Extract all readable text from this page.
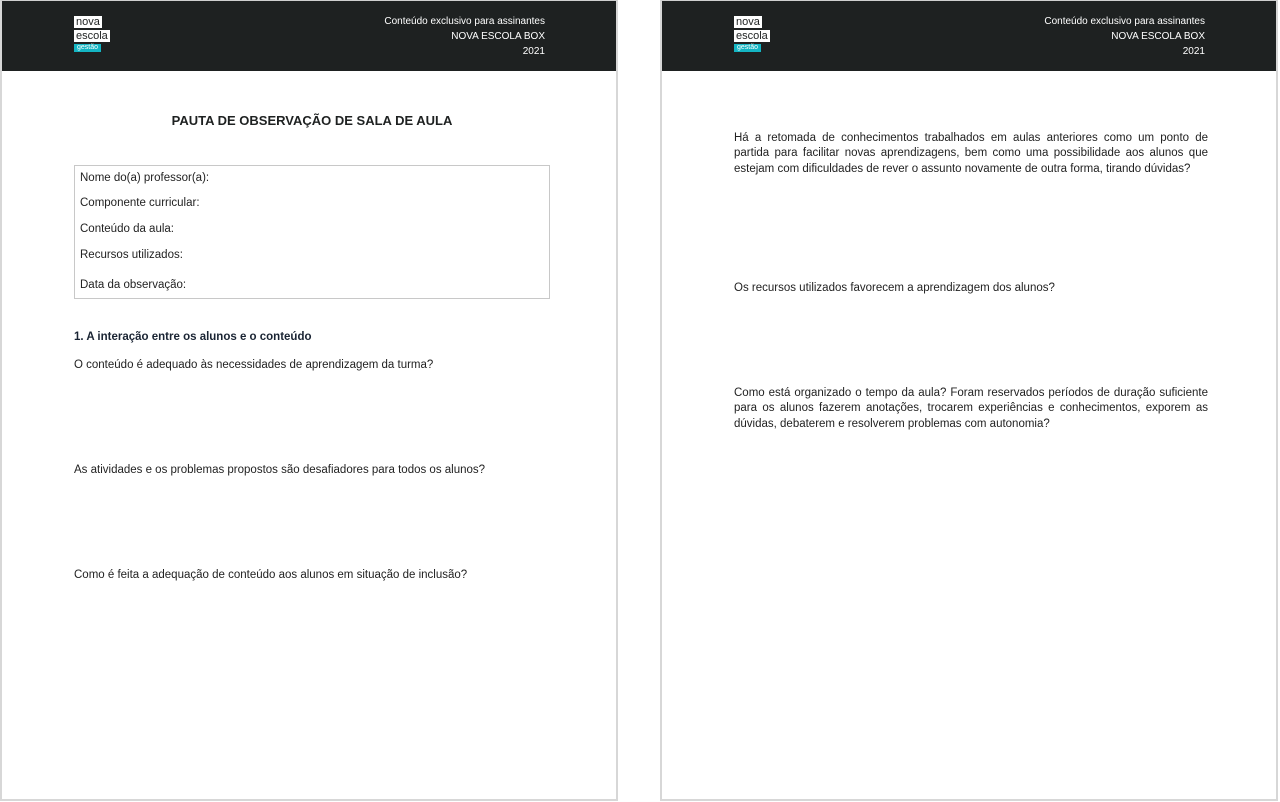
nova
escola
gestão
Conteúdo exclusivo para assinantes
NOVA ESCOLA BOX
2021
PAUTA DE OBSERVAÇÃO DE SALA DE AULA
Nome do(a) professor(a):
Componente curricular:
Conteúdo da aula:
Recursos utilizados:
Data da observação:
1. A interação entre os alunos e o conteúdo
O conteúdo é adequado às necessidades de aprendizagem da turma?
As atividades e os problemas propostos são desafiadores para todos os alunos?
Como é feita a adequação de conteúdo aos alunos em situação de inclusão?
nova
escola
gestão
Conteúdo exclusivo para assinantes
NOVA ESCOLA BOX
2021
Há a retomada de conhecimentos trabalhados em aulas anteriores como um ponto de partida para facilitar novas aprendizagens, bem como uma possibilidade aos alunos que estejam com dificuldades de rever o assunto novamente de outra forma, tirando dúvidas?
Os recursos utilizados favorecem a aprendizagem dos alunos?
Como está organizado o tempo da aula? Foram reservados períodos de duração suficiente para os alunos fazerem anotações, trocarem experiências e conhecimentos, exporem as dúvidas, debaterem e resolverem problemas com autonomia?
